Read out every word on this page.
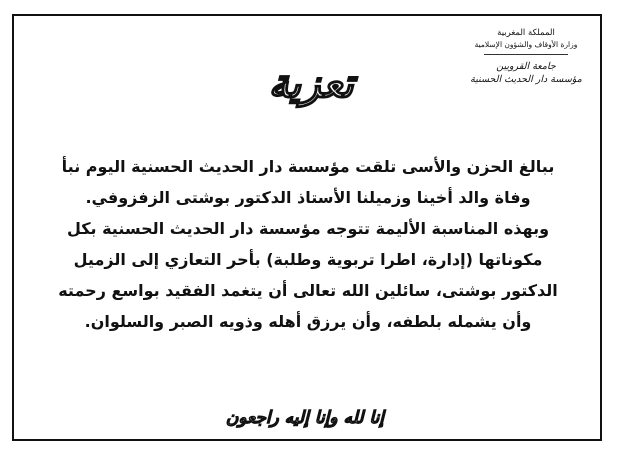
المملكة المغربية
وزارة الأوقاف والشؤون الإسلامية
جامعة القرويين
مؤسسة دار الحديث الحسنية
تعزية
ببالغ الحزن والأسى تلقت مؤسسة دار الحديث الحسنية اليوم نبأ
وفاة والد أخينا وزميلنا الأستاذ الدكتور بوشتى الزفزوفي.
وبهذه المناسبة الأليمة تتوجه مؤسسة دار الحديث الحسنية بكل
مكوناتها (إدارة، اطرا تربوية وطلبة) بأحر التعازي إلى الزميل
الدكتور بوشتى، سائلين الله تعالى أن يتغمد الفقيد بواسع رحمته
وأن يشمله بلطفه، وأن يرزق أهله وذويه الصبر والسلوان.
إنا لله وإنا إليه راجعون
